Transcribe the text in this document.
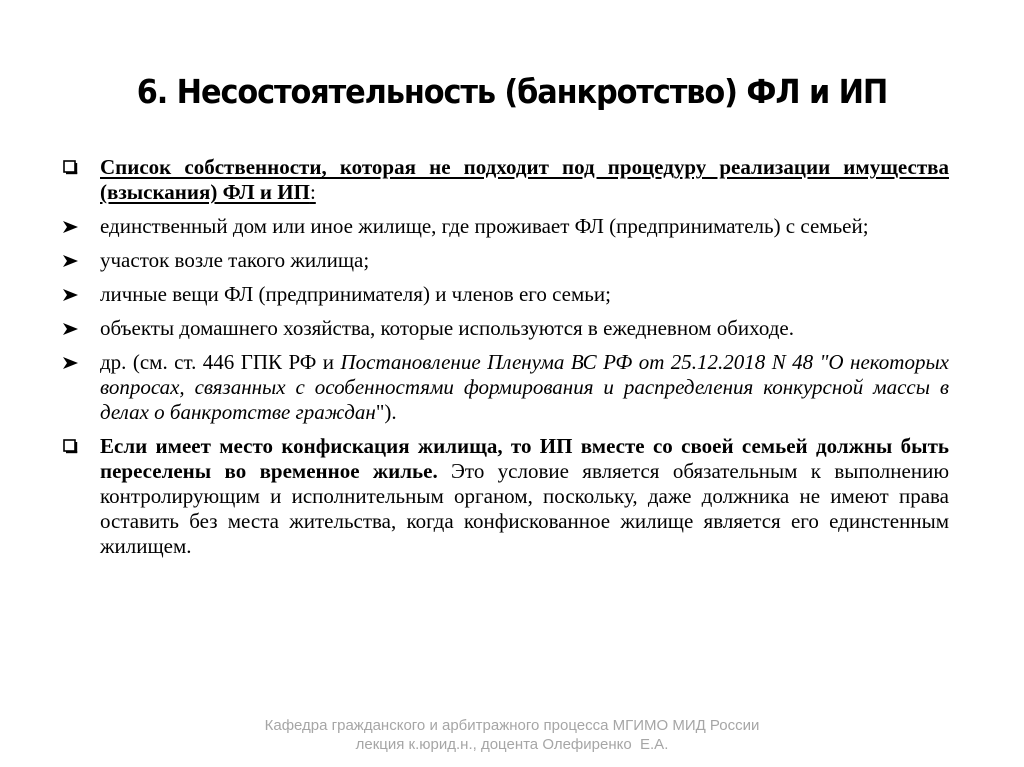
6. Несостоятельность (банкротство) ФЛ и ИП
Список собственности, которая не подходит под процедуру реализации имущества (взыскания) ФЛ и ИП:
единственный дом или иное жилище, где проживает ФЛ (предприниматель) с семьей;
участок возле такого жилища;
личные вещи ФЛ (предпринимателя) и членов его семьи;
объекты домашнего хозяйства, которые используются в ежедневном обиходе.
др. (см. ст. 446 ГПК РФ и Постановление Пленума ВС РФ от 25.12.2018 N 48 "О некоторых вопросах, связанных с особенностями формирования и распределения конкурсной массы в делах о банкротстве граждан").
Если имеет место конфискация жилища, то ИП вместе со своей семьей должны быть переселены во временное жилье. Это условие является обязательным к выполнению контролирующим и исполнительным органом, поскольку, даже должника не имеют права оставить без места жительства, когда конфискованное жилище является его единстенным жилищем.
Кафедра гражданского и арбитражного процесса МГИМО МИД России
лекция к.юрид.н., доцента Олефиренко  Е.А.
